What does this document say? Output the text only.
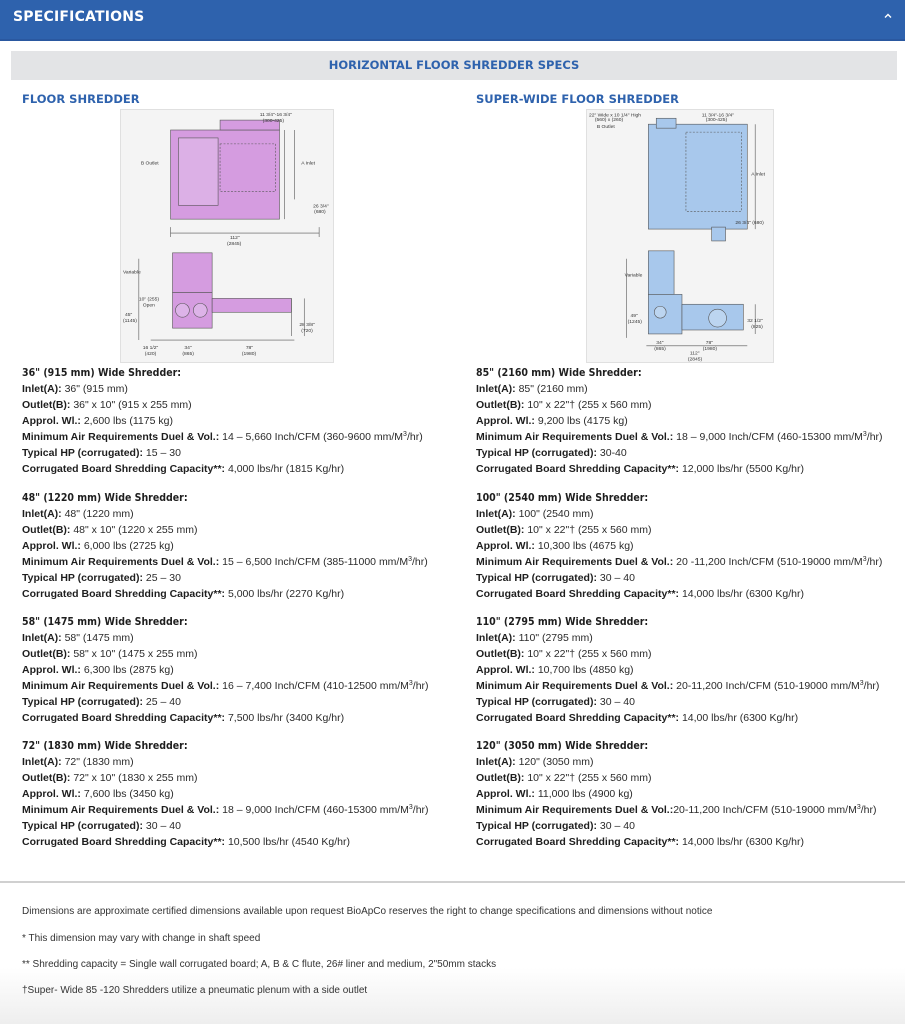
SPECIFICATIONS
HORIZONTAL FLOOR SHREDDER SPECS
FLOOR SHREDDER	SUPER-WIDE FLOOR SHREDDER
11 3/4"-16 3/4"
(300-425)
B Outlet	A Inlet
26 3/4"
(680)
112"
(2845)
Variable
10" (255)
Open
45"
(1145)
28 3/8"
(720)
16 1/2"
(420)
34"
(865)
78"
(1980)
22" Wide x 10 1/4" High
(560) x (260)
11 3/4"-16 3/4"
(300-425)
B Outlet
A Inlet
26 3/4" (680)
Variable
49"
(1245)	32 1/2"
(825)
34"
(865)
78"
(1980)
112"
(2845)
36" (915 mm) Wide Shredder:
Inlet(A): 36" (915 mm)
Outlet(B): 36" x 10" (915 x 255 mm)
Approl. Wl.: 2,600 lbs (1175 kg)
Minimum Air Requirements Duel & Vol.: 14 – 5,660 Inch/CFM (360-9600 $mm/M^3/hr$)
Typical HP (corrugated): 15 – 30
Corrugated Board Shredding Capacity**: 4,000 lbs/hr (1815 Kg/hr)
48" (1220 mm) Wide Shredder:
Inlet(A): 48" (1220 mm)
Outlet(B): 48" x 10" (1220 x 255 mm)
Approl. Wl.: 6,000 lbs (2725 kg)
Minimum Air Requirements Duel & Vol.: 15 – 6,500 Inch/CFM (385-11000 $mm/M^3/hr$)
Typical HP (corrugated): 25 – 30
Corrugated Board Shredding Capacity**: 5,000 lbs/hr (2270 Kg/hr)
58" (1475 mm) Wide Shredder:
Inlet(A): 58" (1475 mm)
Outlet(B): 58" x 10" (1475 x 255 mm)
Approl. Wl.: 6,300 lbs (2875 kg)
Minimum Air Requirements Duel & Vol.: 16 – 7,400 Inch/CFM (410-12500 $mm/M^3/hr$)
Typical HP (corrugated): 25 – 40
Corrugated Board Shredding Capacity**: 7,500 lbs/hr (3400 Kg/hr)
72" (1830 mm) Wide Shredder:
Inlet(A): 72" (1830 mm)
Outlet(B): 72" x 10" (1830 x 255 mm)
Approl. Wl.: 7,600 lbs (3450 kg)
Minimum Air Requirements Duel & Vol.: 18 – 9,000 Inch/CFM (460-15300 $mm/M^3/hr$)
Typical HP (corrugated): 30 – 40
Corrugated Board Shredding Capacity**: 10,500 lbs/hr (4540 Kg/hr)
85" (2160 mm) Wide Shredder:
Inlet(A): 85" (2160 mm)
Outlet(B): 10" x 22"† (255 x 560 mm)
Approl. Wl.: 9,200 lbs (4175 kg)
Minimum Air Requirements Duel & Vol.: 18 – 9,000 Inch/CFM (460-15300 $mm/M^3/hr$)
Typical HP (corrugated): 30-40
Corrugated Board Shredding Capacity**: 12,000 lbs/hr (5500 Kg/hr)
100" (2540 mm) Wide Shredder:
Inlet(A): 100" (2540 mm)
Outlet(B): 10" x 22"† (255 x 560 mm)
Approl. Wl.: 10,300 lbs (4675 kg)
Minimum Air Requirements Duel & Vol.: 20 -11,200 Inch/CFM (510-19000 $mm/M^3/hr$)
Typical HP (corrugated): 30 – 40
Corrugated Board Shredding Capacity**: 14,000 lbs/hr (6300 Kg/hr)
110" (2795 mm) Wide Shredder:
Inlet(A): 110" (2795 mm)
Outlet(B): 10" x 22"† (255 x 560 mm)
Approl. Wl.: 10,700 lbs (4850 kg)
Minimum Air Requirements Duel & Vol.: 20-11,200 Inch/CFM (510-19000 $mm/M^3/hr$)
Typical HP (corrugated): 30 – 40
Corrugated Board Shredding Capacity**: 14,00 lbs/hr (6300 Kg/hr)
120" (3050 mm) Wide Shredder:
Inlet(A): 120" (3050 mm)
Outlet(B): 10" x 22"† (255 x 560 mm)
Approl. Wl.: 11,000 lbs (4900 kg)
Minimum Air Requirements Duel & Vol.:20-11,200 Inch/CFM (510-19000 $mm/M^3/hr$)
Typical HP (corrugated): 30 – 40
Corrugated Board Shredding Capacity**: 14,000 lbs/hr (6300 Kg/hr)
Dimensions are approximate certified dimensions available upon request BioApCo reserves the right to change specifications and dimensions without notice
* This dimension may vary with change in shaft speed
** Shredding capacity = Single wall corrugated board; A, B & C flute, 26# liner and medium, 2"50mm stacks
†Super- Wide 85 -120 Shredders utilize a pneumatic plenum with a side outlet
